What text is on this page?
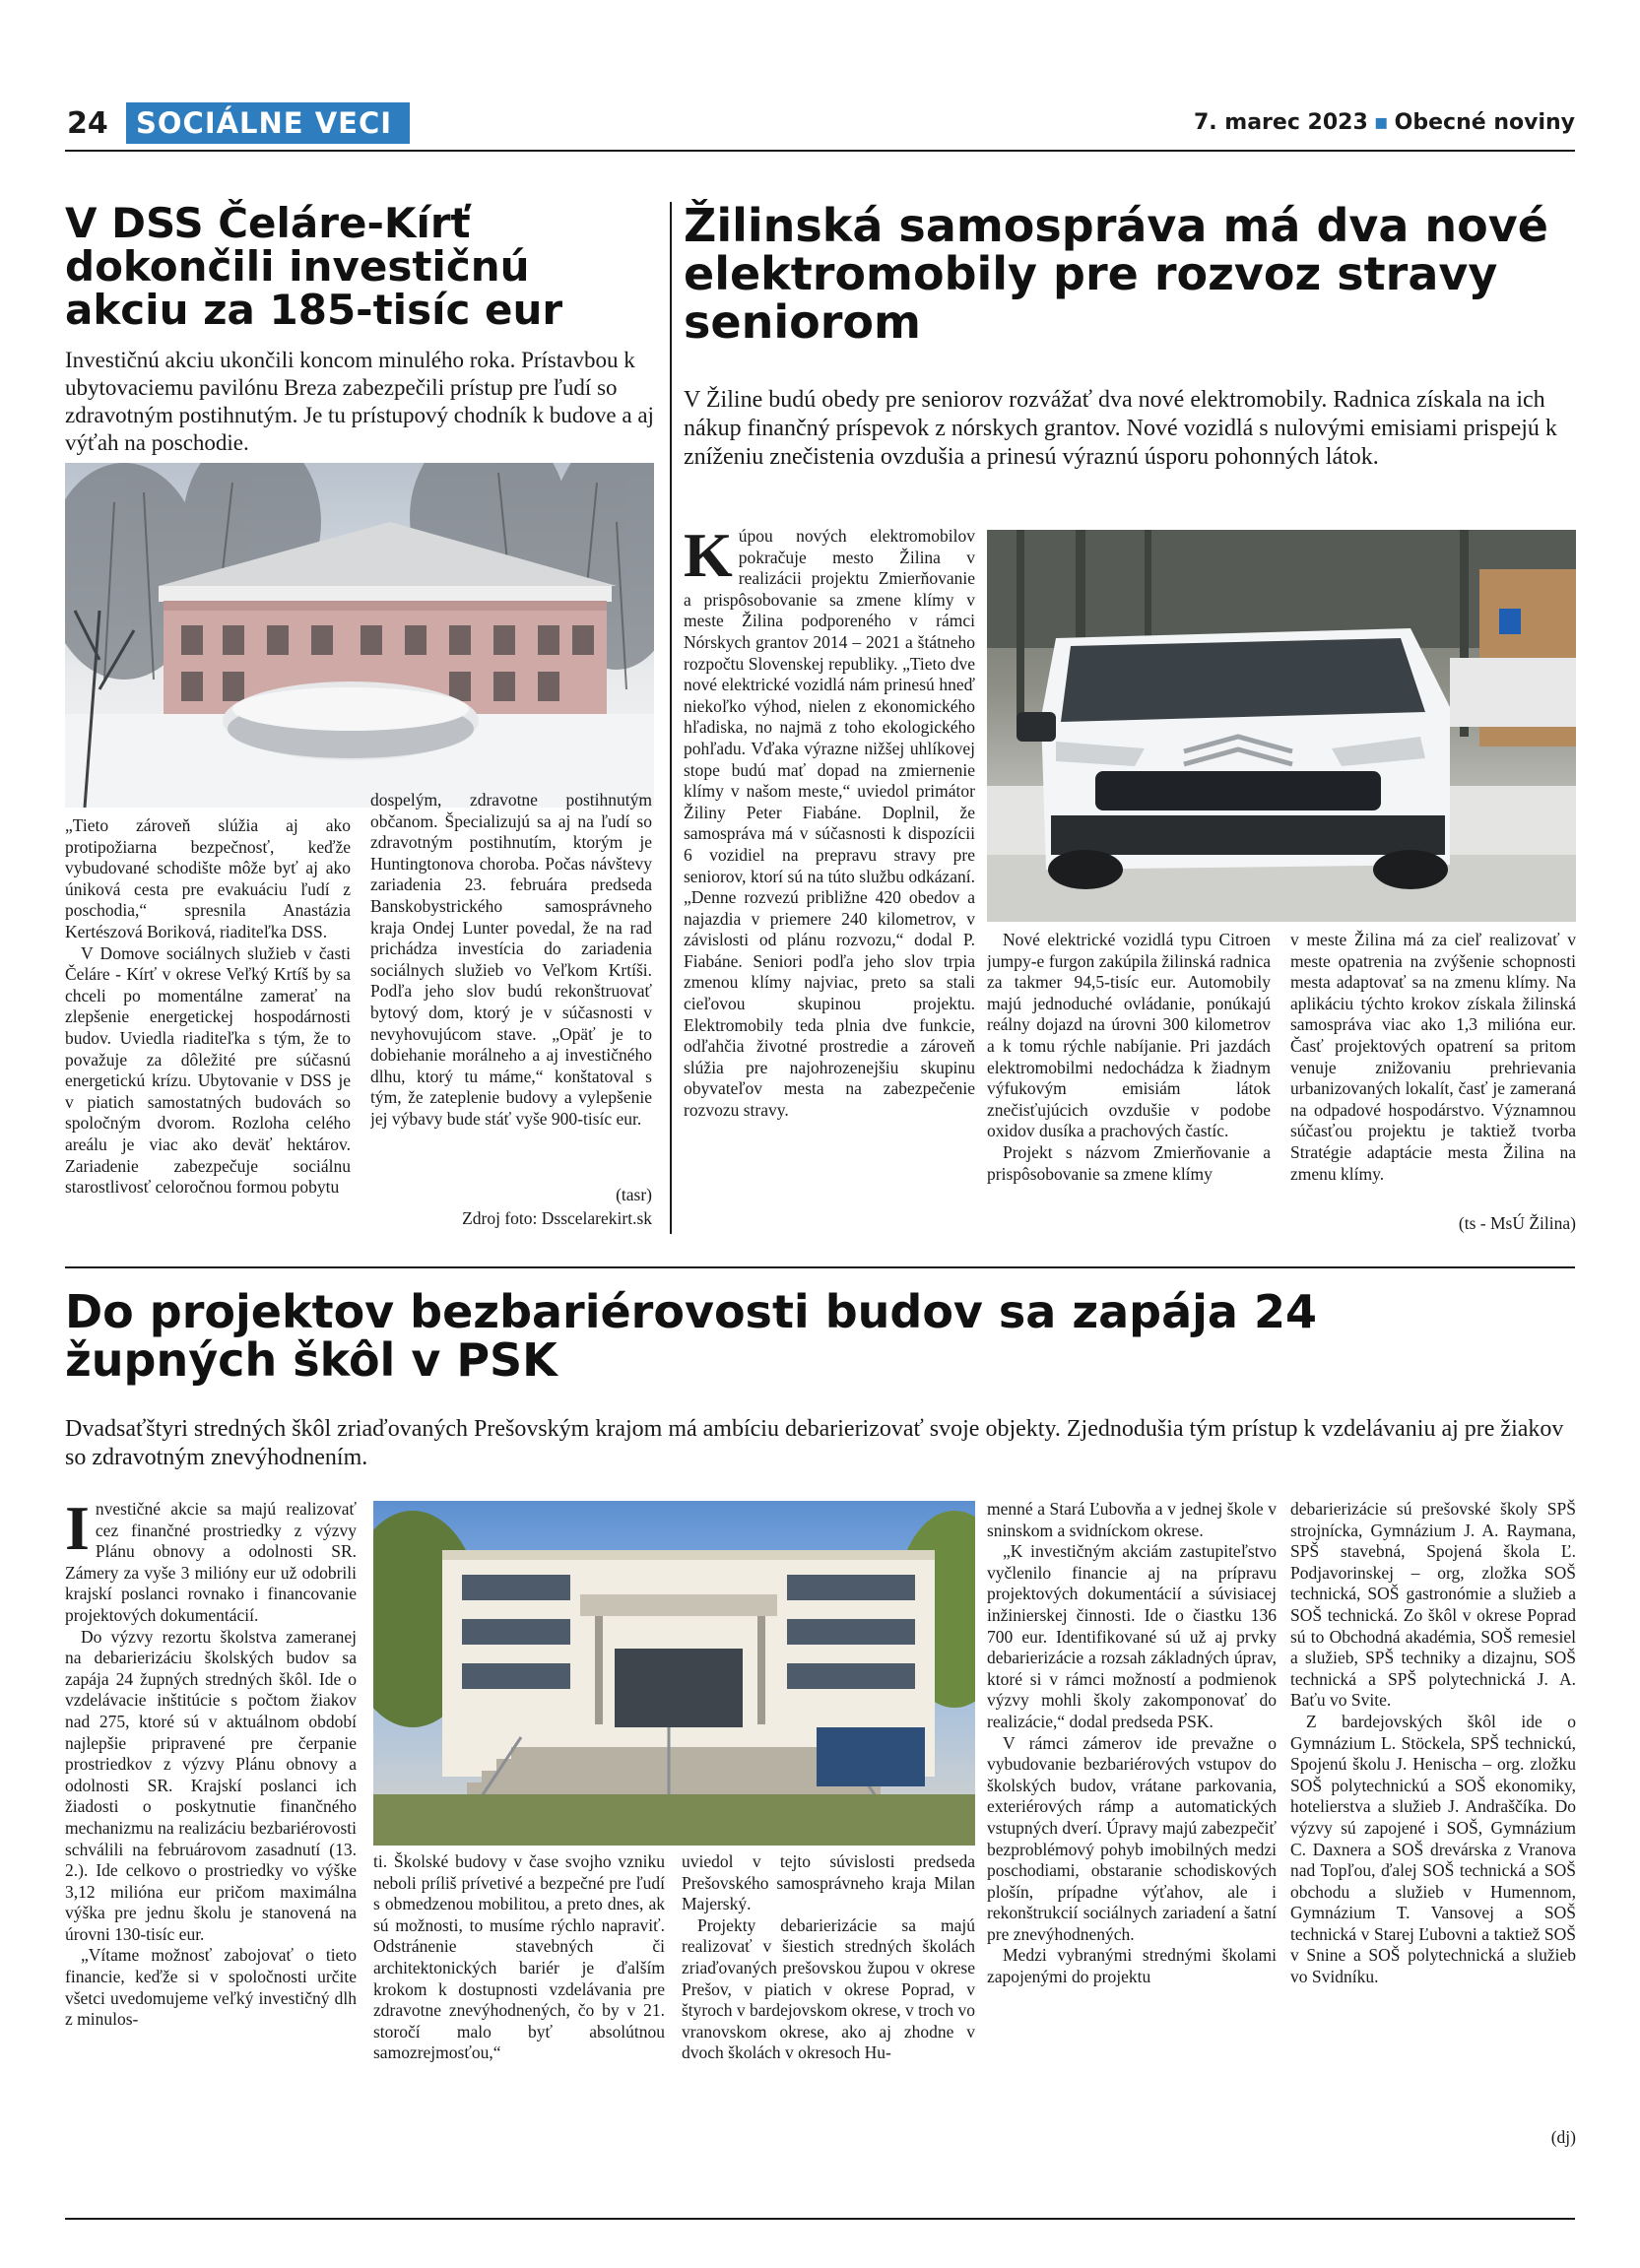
24 SOCIÁLNE VECI	7. marec 2023 ▪ Obecné noviny
V DSS Čeláre-Kírť dokončili investičnú akciu za 185-tisíc eur
Investičnú akciu ukončili koncom minulého roka. Prístavbou k ubytovaciemu pavilónu Breza zabezpečili prístup pre ľudí so zdravotným postihnutým. Je tu prístupový chodník k budove a aj výťah na poschodie.

„Tieto zároveň slúžia aj ako protipožiarna bezpečnosť, keďže vybudované schodište môže byť aj ako úniková cesta pre evakuáciu ľudí z poschodia,“ spresnila Anastázia Kertészová Boriková, riaditeľka DSS.

V Domove sociálnych služieb v časti Čeláre - Kírť v okrese Veľký Krtíš by sa chceli po momentálne zamerať na zlepšenie energetickej hospodárnosti budov. Uviedla riaditeľka s tým, že to považuje za dôležité pre súčasnú energetickú krízu. Ubytovanie v DSS je v piatich samostatných budovách so spoločným dvorom. Rozloha celého areálu je viac ako deväť hektárov. Zariadenie zabezpečuje sociálnu starostlivosť celoročnou formou pobytu

dospelým, zdravotne postihnutým občanom. Špecializujú sa aj na ľudí so zdravotným postihnutím, ktorým je Huntingtonova choroba. Počas návštevy zariadenia 23. februára predseda Banskobystrického samosprávneho kraja Ondej Lunter povedal, že na rad prichádza investícia do zariadenia sociálnych služieb vo Veľkom Krtíši. Podľa jeho slov budú rekonštruovať bytový dom, ktorý je v súčasnosti v nevyhovujúcom stave. „Opäť je to dobiehanie morálneho a aj investičného dlhu, ktorý tu máme,“ konštatoval s tým, že zateplenie budovy a vylepšenie jej výbavy bude stáť vyše 900-tisíc eur.

(tasr)
Zdroj foto: Dsscelarekirt.sk
Žilinská samospráva má dva nové elektromobily pre rozvoz stravy seniorom
V Žiline budú obedy pre seniorov rozvážať dva nové elektromobily. Radnica získala na ich nákup finančný príspevok z nórskych grantov. Nové vozidlá s nulovými emisiami prispejú k zníženiu znečistenia ovzdušia a prinesú výraznú úsporu pohonných látok.
K úpou nových elektromobilov pokračuje mesto Žilina v realizácii projektu Zmierňovanie a prispôsobovanie sa zmene klímy v meste Žilina podporeného v rámci Nórskych grantov 2014 – 2021 a štátneho rozpočtu Slovenskej republiky. „Tieto dve nové elektrické vozidlá nám prinesú hneď niekoľko výhod, nielen z ekonomického hľadiska, no najmä z toho ekologického pohľadu. Vďaka výrazne nižšej uhlíkovej stope budú mať dopad na zmiernenie klímy v našom meste,“ uviedol primátor Žiliny Peter Fiabáne. Doplnil, že samospráva má v súčasnosti k dispozícii 6 vozidiel na prepravu stravy pre seniorov, ktorí sú na túto službu odkázaní. „Denne rozvezú približne 420 obedov a najazdia v priemere 240 kilometrov, v závislosti od plánu rozvozu,“ dodal P. Fiabáne. Seniori podľa jeho slov trpia zmenou klímy najviac, preto sa stali cieľovou skupinou projektu. Elektromobily teda plnia dve funkcie, odľahčia životné prostredie a zároveň slúžia pre najohrozenejšiu skupinu obyvateľov mesta na zabezpečenie rozvozu stravy.

Nové elektrické vozidlá typu Citroen jumpy-e furgon zakúpila žilinská radnica za takmer 94,5-tisíc eur. Automobily majú jednoduché ovládanie, ponúkajú reálny dojazd na úrovni 300 kilometrov a k tomu rýchle nabíjanie. Pri jazdách elektromobilmi nedochádza k žiadnym výfukovým emisiám látok znečisťujúcich ovzdušie v podobe oxidov dusíka a prachových častíc.

Projekt s názvom Zmierňovanie a prispôsobovanie sa zmene klímy

v meste Žilina má za cieľ realizovať v meste opatrenia na zvýšenie schopnosti mesta adaptovať sa na zmenu klímy. Na aplikáciu týchto krokov získala žilinská samospráva viac ako 1,3 milióna eur. Časť projektových opatrení sa pritom venuje znižovaniu prehrievania urbanizovaných lokalít, časť je zameraná na odpadové hospodárstvo. Významnou súčasťou projektu je taktiež tvorba Stratégie adaptácie mesta Žilina na zmenu klímy.

(ts - MsÚ Žilina)
Do projektov bezbariérovosti budov sa zapája 24 župných škôl v PSK
Dvadsaťštyri stredných škôl zriaďovaných Prešovským krajom má ambíciu debarierizovať svoje objekty. Zjednodušia tým prístup k vzdelávaniu aj pre žiakov so zdravotným znevýhodnením.
I nvestičné akcie sa majú realizovať cez finančné prostriedky z výzvy Plánu obnovy a odolnosti SR. Zámery za vyše 3 milióny eur už odobrili krajskí poslanci rovnako i financovanie projektových dokumentácií.

Do výzvy rezortu školstva zameranej na debarierizáciu školských budov sa zapája 24 župných stredných škôl. Ide o vzdelávacie inštitúcie s počtom žiakov nad 275, ktoré sú v aktuálnom období najlepšie pripravené pre čerpanie prostriedkov z výzvy Plánu obnovy a odolnosti SR. Krajskí poslanci ich žiadosti o poskytnutie finančného mechanizmu na realizáciu bezbariérovosti schválili na februárovom zasadnutí (13. 2.). Ide celkovo o prostriedky vo výške 3,12 milióna eur pričom maximálna výška pre jednu školu je stanovená na úrovni 130-tisíc eur.

„Vítame možnosť zabojovať o tieto financie, keďže si v spoločnosti určite všetci uvedomujeme veľký investičný dlh z minulos-

ti. Školské budovy v čase svojho vzniku neboli príliš prívetivé a bezpečné pre ľudí s obmedzenou mobilitou, a preto dnes, ak sú možnosti, to musíme rýchlo napraviť. Odstránenie stavebných či architektonických bariér je ďalším krokom k dostupnosti vzdelávania pre zdravotne znevýhodnených, čo by v 21. storočí malo byť absolútnou samozrejmosťou,“

uviedol v tejto súvislosti predseda Prešovského samosprávneho kraja Milan Majerský.

Projekty debarierizácie sa majú realizovať v šiestich stredných školách zriaďovaných prešovskou župou v okrese Prešov, v piatich v okrese Poprad, v štyroch v bardejovskom okrese, v troch vo vranovskom okrese, ako aj zhodne v dvoch školách v okresoch Hu-

menné a Stará Ľubovňa a v jednej škole v sninskom a svidníckom okrese.

„K investičným akciám zastupiteľstvo vyčlenilo financie aj na prípravu projektových dokumentácií a súvisiacej inžinierskej činnosti. Ide o čiastku 136 700 eur. Identifikované sú už aj prvky debarierizácie a rozsah základných úprav, ktoré si v rámci možností a podmienok výzvy mohli školy zakomponovať do realizácie,“ dodal predseda PSK.

V rámci zámerov ide prevažne o vybudovanie bezbariérových vstupov do školských budov, vrátane parkovania, exteriérových rámp a automatických vstupných dverí. Úpravy majú zabezpečiť bezproblémový pohyb imobilných medzi poschodiami, obstaranie schodiskových plošín, prípadne výťahov, ale i rekonštrukcií sociálnych zariadení a šatní pre znevýhodnených.

Medzi vybranými strednými školami zapojenými do projektu

debarierizácie sú prešovské školy SPŠ strojnícka, Gymnázium J. A. Raymana, SPŠ stavebná, Spojená škola Ľ. Podjavorinskej – org, zložka SOŠ technická, SOŠ gastronómie a služieb a SOŠ technická. Zo škôl v okrese Poprad sú to Obchodná akadémia, SOŠ remesiel a služieb, SPŠ techniky a dizajnu, SOŠ technická a SPŠ polytechnická J. A. Baťu vo Svite.

Z bardejovských škôl ide o Gymnázium L. Stöckela, SPŠ technickú, Spojenú školu J. Henischa – org. zložku SOŠ polytechnickú a SOŠ ekonomiky, hotelierstva a služieb J. Andraščíka. Do výzvy sú zapojené i SOŠ, Gymnázium C. Daxnera a SOŠ drevárska z Vranova nad Topľou, ďalej SOŠ technická a SOŠ obchodu a služieb v Humennom, Gymnázium T. Vansovej a SOŠ technická v Starej Ľubovni a taktiež SOŠ v Snine a SOŠ polytechnická a služieb vo Svidníku.

(dj)
